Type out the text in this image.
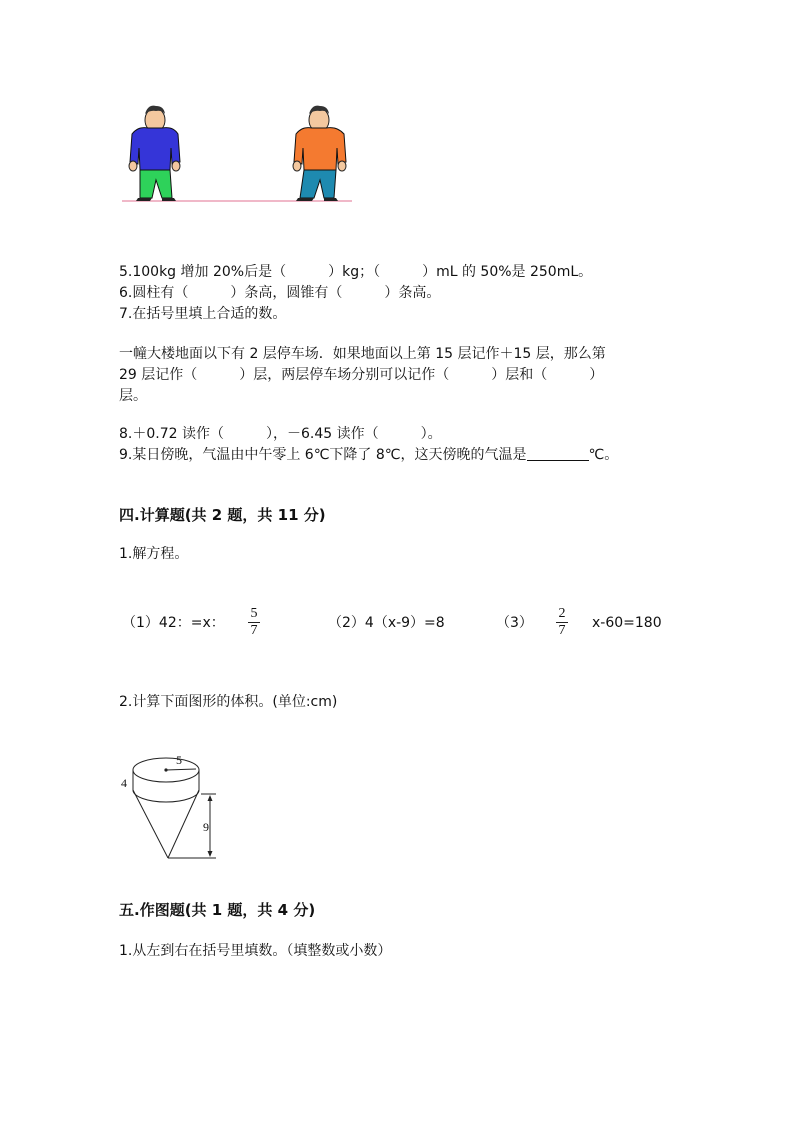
5.100kg 增加 20%后是（　　　）kg；（　　　）mL 的 50%是 250mL。
6.圆柱有（　　　）条高，圆锥有（　　　）条高。
7.在括号里填上合适的数。
一幢大楼地面以下有 2 层停车场．如果地面以上第 15 层记作＋15 层，那么第
29 层记作（　　　）层，两层停车场分别可以记作（　　　）层和（　　　）
层。
8.＋0.72 读作（　　　），－6.45 读作（　　　）。
9.某日傍晚，气温由中午零上 6℃下降了 8℃，这天傍晚的气温是	℃。
四.计算题(共 2 题，共 11 分)
1.解方程。
（1）42：=x：
5
7	（2）4（x-9）=8	（3）
2
7 x-60=180
2.计算下面图形的体积。(单位:cm)
5
4
9
五.作图题(共 1 题，共 4 分)
1.从左到右在括号里填数。（填整数或小数）
